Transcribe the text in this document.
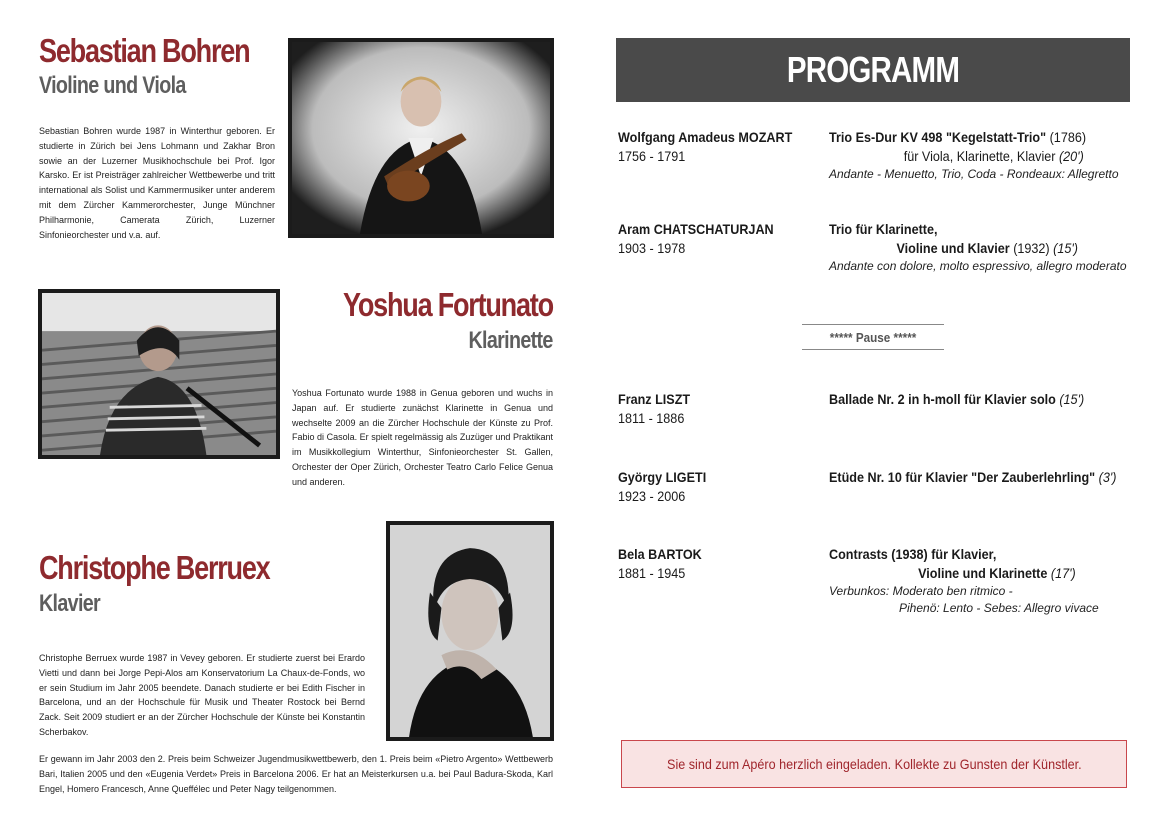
Sebastian Bohren
Violine und Viola
Sebastian Bohren wurde 1987 in Winterthur geboren. Er studierte in Zürich bei Jens Lohmann und Zakhar Bron sowie an der Luzerner Musikhochschule bei Prof. Igor Karsko. Er ist Preisträger zahlreicher Wettbewerbe und tritt international als Solist und Kammermusiker unter anderem mit dem Zürcher Kammerorchester, Junge Münchner Philharmonie, Camerata Zürich, Luzerner Sinfonieorchester und v.a. auf.
Yoshua Fortunato
Klarinette
Yoshua Fortunato wurde 1988 in Genua geboren und wuchs in Japan auf. Er studierte zunächst Klarinette in Genua und wechselte 2009 an die Zürcher Hochschule der Künste zu Prof. Fabio di Casola. Er spielt regelmässig als Zuzüger und Praktikant im Musikkollegium Winterthur, Sinfonieorchester St. Gallen, Orchester der Oper Zürich, Orchester Teatro Carlo Felice Genua und anderen.
Christophe Berruex
Klavier
Christophe Berruex wurde 1987 in Vevey geboren. Er studierte zuerst bei Erardo Vietti und dann bei Jorge Pepi-Alos am Konservatorium La Chaux-de-Fonds, wo er sein Studium im Jahr 2005 beendete. Danach studierte er bei Edith Fischer in Barcelona, und an der Hochschule für Musik und Theater Rostock bei Bernd Zack. Seit 2009 studiert er an der Zürcher Hochschule der Künste bei Konstantin Scherbakov.
Er gewann im Jahr 2003 den 2. Preis beim Schweizer Jugendmusikwettbewerb, den 1. Preis beim «Pietro Argento» Wettbewerb Bari, Italien 2005 und den «Eugenia Verdet» Preis in Barcelona 2006. Er hat an Meisterkursen u.a. bei Paul Badura-Skoda, Karl Engel, Homero Francesch, Anne Queffélec und Peter Nagy teilgenommen.
PROGRAMM
Wolfgang Amadeus MOZART
1756 - 1791
Trio Es-Dur KV 498 "Kegelstatt-Trio" (1786)
für Viola, Klarinette, Klavier (20')
Andante - Menuetto, Trio, Coda - Rondeaux: Allegretto
Aram CHATSCHATURJAN
1903 - 1978
Trio für Klarinette,
Violine und Klavier (1932) (15')
Andante con dolore, molto espressivo, allegro moderato
***** Pause *****
Franz LISZT
1811 - 1886
Ballade Nr. 2 in h-moll für Klavier solo (15')
György LIGETI
1923 - 2006
Etüde Nr. 10 für Klavier "Der Zauberlehrling" (3')
Bela BARTOK
1881 - 1945
Contrasts (1938) für Klavier,
Violine und Klarinette (17')
Verbunkos: Moderato ben ritmico -
Pihenö: Lento - Sebes: Allegro vivace
Sie sind zum Apéro herzlich eingeladen. Kollekte zu Gunsten der Künstler.
